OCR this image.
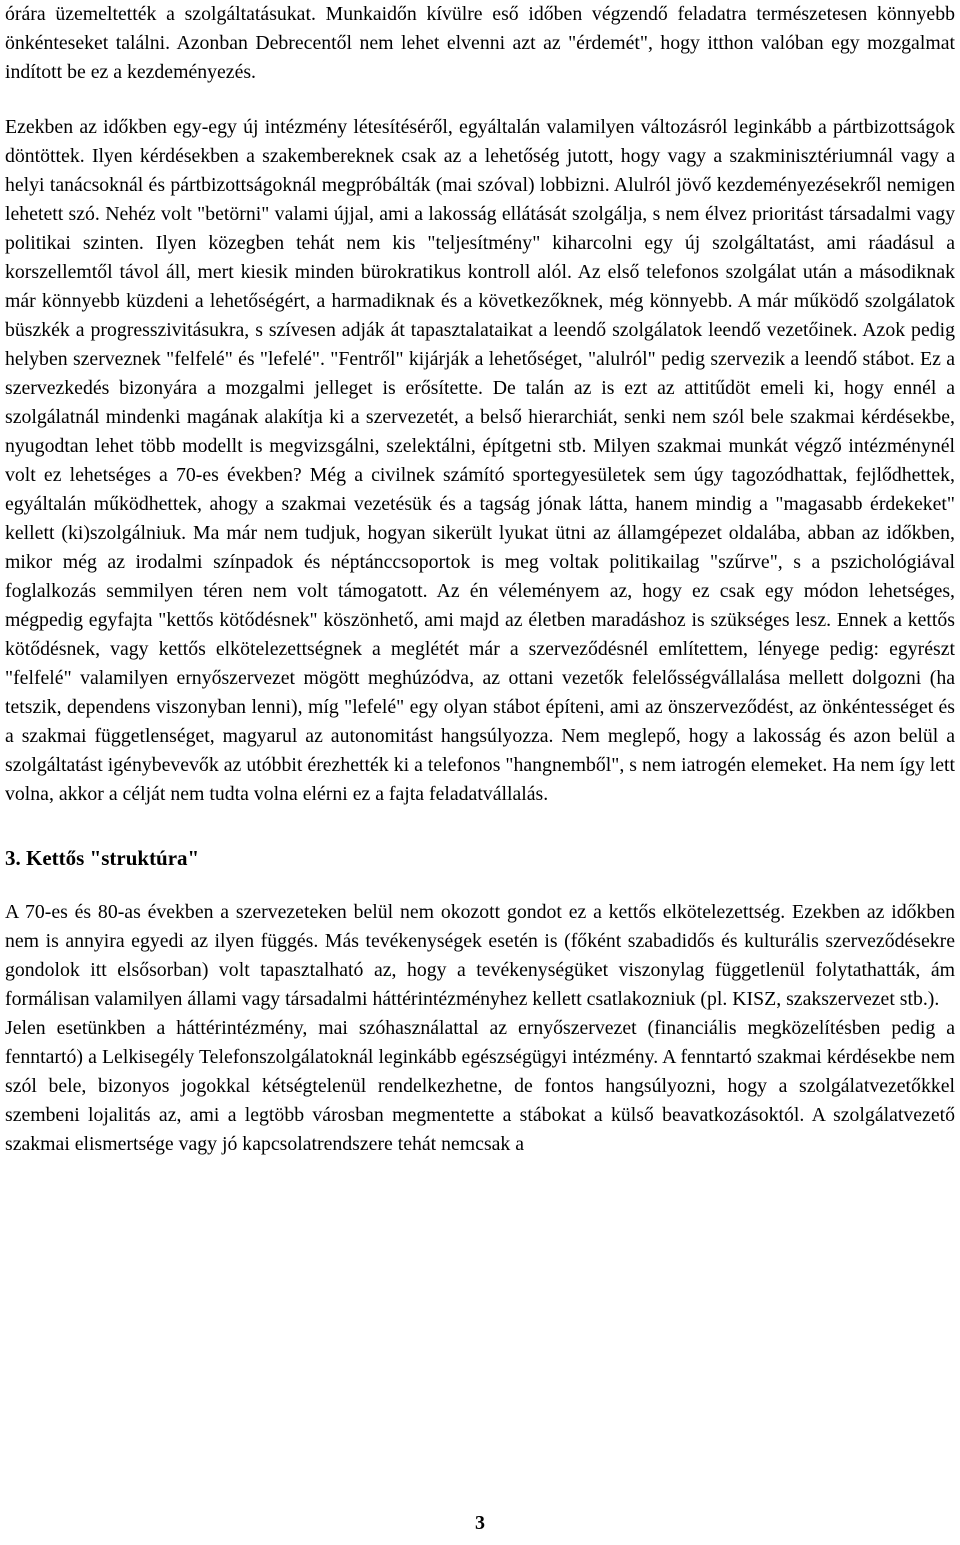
órára üzemeltették a szolgáltatásukat. Munkaidőn kívülre eső időben végzendő feladatra természetesen könnyebb önkénteseket találni. Azonban Debrecentől nem lehet elvenni azt az "érdemét", hogy itthon valóban egy mozgalmat indított be ez a kezdeményezés.

Ezekben az időkben egy-egy új intézmény létesítéséről, egyáltalán valamilyen változásról leginkább a pártbizottságok döntöttek. Ilyen kérdésekben a szakembereknek csak az a lehetőség jutott, hogy vagy a szakminisztériumnál vagy a helyi tanácsoknál és pártbizottságoknál megpróbálták (mai szóval) lobbizni. Alulról jövő kezdeményezésekről nemigen lehetett szó. Nehéz volt "betörni" valami újjal, ami a lakosság ellátását szolgálja, s nem élvez prioritást társadalmi vagy politikai szinten. Ilyen közegben tehát nem kis "teljesítmény" kiharcolni egy új szolgáltatást, ami ráadásul a korszellemtől távol áll, mert kiesik minden bürokratikus kontroll alól. Az első telefonos szolgálat után a másodiknak már könnyebb küzdeni a lehetőségért, a harmadiknak és a következőknek, még könnyebb. A már működő szolgálatok büszkék a progresszivitásukra, s szívesen adják át tapasztalataikat a leendő szolgálatok leendő vezetőinek. Azok pedig helyben szerveznek "felfelé" és "lefelé". "Fentről" kijárják a lehetőséget, "alulról" pedig szervezik a leendő stábot. Ez a szervezkedés bizonyára a mozgalmi jelleget is erősítette. De talán az is ezt az attitűdöt emeli ki, hogy ennél a szolgálatnál mindenki magának alakítja ki a szervezetét, a belső hierarchiát, senki nem szól bele szakmai kérdésekbe, nyugodtan lehet több modellt is megvizsgálni, szelektálni, építgetni stb. Milyen szakmai munkát végző intézménynél volt ez lehetséges a 70-es években? Még a civilnek számító sportegyesületek sem úgy tagozódhattak, fejlődhettek, egyáltalán működhettek, ahogy a szakmai vezetésük és a tagság jónak látta, hanem mindig a "magasabb érdekeket" kellett (ki)szolgálniuk. Ma már nem tudjuk, hogyan sikerült lyukat ütni az államgépezet oldalába, abban az időkben, mikor még az irodalmi színpadok és néptánccsoportok is meg voltak politikailag "szűrve", s a pszichológiával foglalkozás semmilyen téren nem volt támogatott. Az én véleményem az, hogy ez csak egy módon lehetséges, mégpedig egyfajta "kettős kötődésnek" köszönhető, ami majd az életben maradáshoz is szükséges lesz. Ennek a kettős kötődésnek, vagy kettős elkötelezettségnek a meglétét már a szerveződésnél említettem, lényege pedig: egyrészt "felfelé" valamilyen ernyőszervezet mögött meghúzódva, az ottani vezetők felelősségvállalása mellett dolgozni (ha tetszik, dependens viszonyban lenni), míg "lefelé" egy olyan stábot építeni, ami az önszerveződést, az önkéntességet és a szakmai függetlenséget, magyarul az autonomitást hangsúlyozza. Nem meglepő, hogy a lakosság és azon belül a szolgáltatást igénybevevők az utóbbit érezhették ki a telefonos "hangnemből", s nem iatrogén elemeket. Ha nem így lett volna, akkor a célját nem tudta volna elérni ez a fajta feladatvállalás.

3. Kettős "struktúra"

A 70-es és 80-as években a szervezeteken belül nem okozott gondot ez a kettős elkötelezettség. Ezekben az időkben nem is annyira egyedi az ilyen függés. Más tevékenységek esetén is (főként szabadidős és kulturális szerveződésekre gondolok itt elsősorban) volt tapasztalható az, hogy a tevékenységüket viszonylag függetlenül folytathatták, ám formálisan valamilyen állami vagy társadalmi háttérintézményhez kellett csatlakozniuk (pl. KISZ, szakszervezet stb.).

Jelen esetünkben a háttérintézmény, mai szóhasználattal az ernyőszervezet (financiális megközelítésben pedig a fenntartó) a Lelkisegély Telefonszolgálatoknál leginkább egészségügyi intézmény. A fenntartó szakmai kérdésekbe nem szól bele, bizonyos jogokkal kétségtelenül rendelkezhetne, de fontos hangsúlyozni, hogy a szolgálatvezetőkkel szembeni lojalitás az, ami a legtöbb városban megmentette a stábokat a külső beavatkozásoktól. A szolgálatvezető szakmai elismertsége vagy jó kapcsolatrendszere tehát nemcsak a

3
